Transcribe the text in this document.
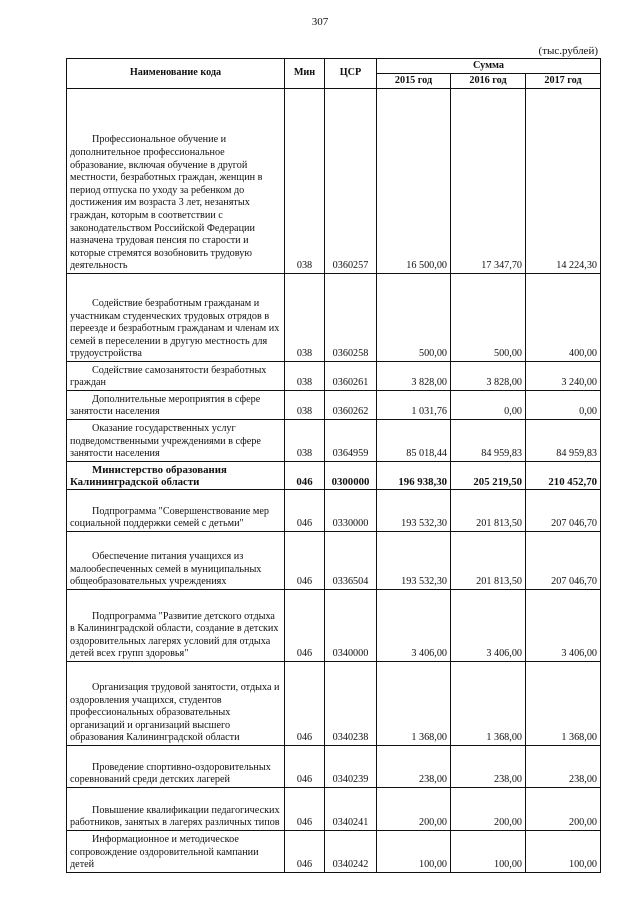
307
(тыс.рублей)
Наименование кода	Мин	ЦСР	Сумма		
			2015 год	2016 год	2017 год

Профессиональное обучение и дополнительное профессиональное образование, включая обучение в другой местности, безработных граждан, женщин в период отпуска по уходу за ребенком до достижения им возраста 3 лет, незанятых граждан, которым в соответствии с законодательством Российской Федерации назначена трудовая пенсия по старости и которые стремятся возобновить трудовую деятельность	038	0360257	16 500,00	17 347,70	14 224,30

Содействие безработным гражданам и участникам студенческих трудовых отрядов в переезде и безработным гражданам и членам их семей в переселении в другую местность для трудоустройства	038	0360258	500,00	500,00	400,00

Содействие самозанятости безработных граждан	038	0360261	3 828,00	3 828,00	3 240,00

Дополнительные мероприятия в сфере занятости населения	038	0360262	1 031,76	0,00	0,00

Оказание государственных услуг подведомственными учреждениями в сфере занятости населения	038	0364959	85 018,44	84 959,83	84 959,83

Министерство образования Калининградской области	046	0300000	196 938,30	205 219,50	210 452,70

Подпрограмма "Совершенствование мер социальной поддержки семей с детьми"	046	0330000	193 532,30	201 813,50	207 046,70

Обеспечение питания учащихся из малообеспеченных семей в муниципальных общеобразовательных учреждениях	046	0336504	193 532,30	201 813,50	207 046,70

Подпрограмма "Развитие детского отдыха в Калининградской области, создание в детских оздоровительных лагерях условий для отдыха детей всех групп здоровья"	046	0340000	3 406,00	3 406,00	3 406,00

Организация трудовой занятости, отдыха и оздоровления учащихся, студентов профессиональных образовательных организаций и организаций высшего образования Калининградской области	046	0340238	1 368,00	1 368,00	1 368,00

Проведение спортивно-оздоровительных соревнований среди детских лагерей	046	0340239	238,00	238,00	238,00

Повышение квалификации педагогических работников, занятых в лагерях различных типов	046	0340241	200,00	200,00	200,00

Информационное и методическое сопровождение оздоровительной кампании детей	046	0340242	100,00	100,00	100,00
